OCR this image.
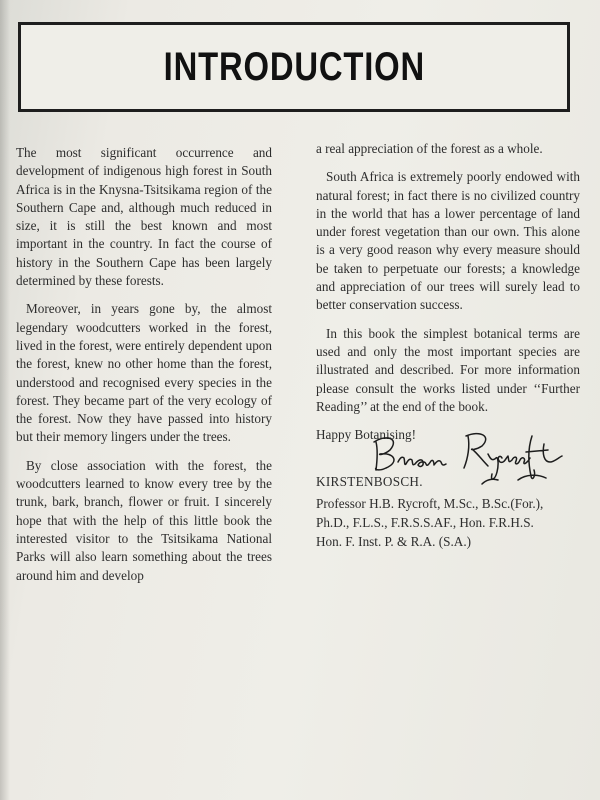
INTRODUCTION

The most significant occurrence and development of indigenous high forest in South Africa is in the Knysna-Tsitsikama region of the Southern Cape and, although much reduced in size, it is still the best known and most important in the country. In fact the course of history in the Southern Cape has been largely determined by these forests.

Moreover, in years gone by, the almost legendary woodcutters worked in the forest, lived in the forest, were entirely dependent upon the forest, knew no other home than the forest, understood and recognised every species in the forest. They became part of the very ecology of the forest. Now they have passed into history but their memory lingers under the trees.

By close association with the forest, the woodcutters learned to know every tree by the trunk, bark, branch, flower or fruit. I sincerely hope that with the help of this little book the interested visitor to the Tsitsikama National Parks will also learn something about the trees around him and develop

a real appreciation of the forest as a whole.

South Africa is extremely poorly endowed with natural forest; in fact there is no civilized country in the world that has a lower percentage of land under forest vegetation than our own. This alone is a very good reason why every measure should be taken to perpetuate our forests; a knowledge and appreciation of our trees will surely lead to better conservation success.

In this book the simplest botanical terms are used and only the most important species are illustrated and described. For more information please consult the works listed under ‘‘Further Reading’’ at the end of the book.

Happy Botanising!

KIRSTENBOSCH.
Professor H.B. Rycroft, M.Sc., B.Sc.(For.),
Ph.D., F.L.S., F.R.S.S.AF., Hon. F.R.H.S.
Hon. F. Inst. P. & R.A. (S.A.)
